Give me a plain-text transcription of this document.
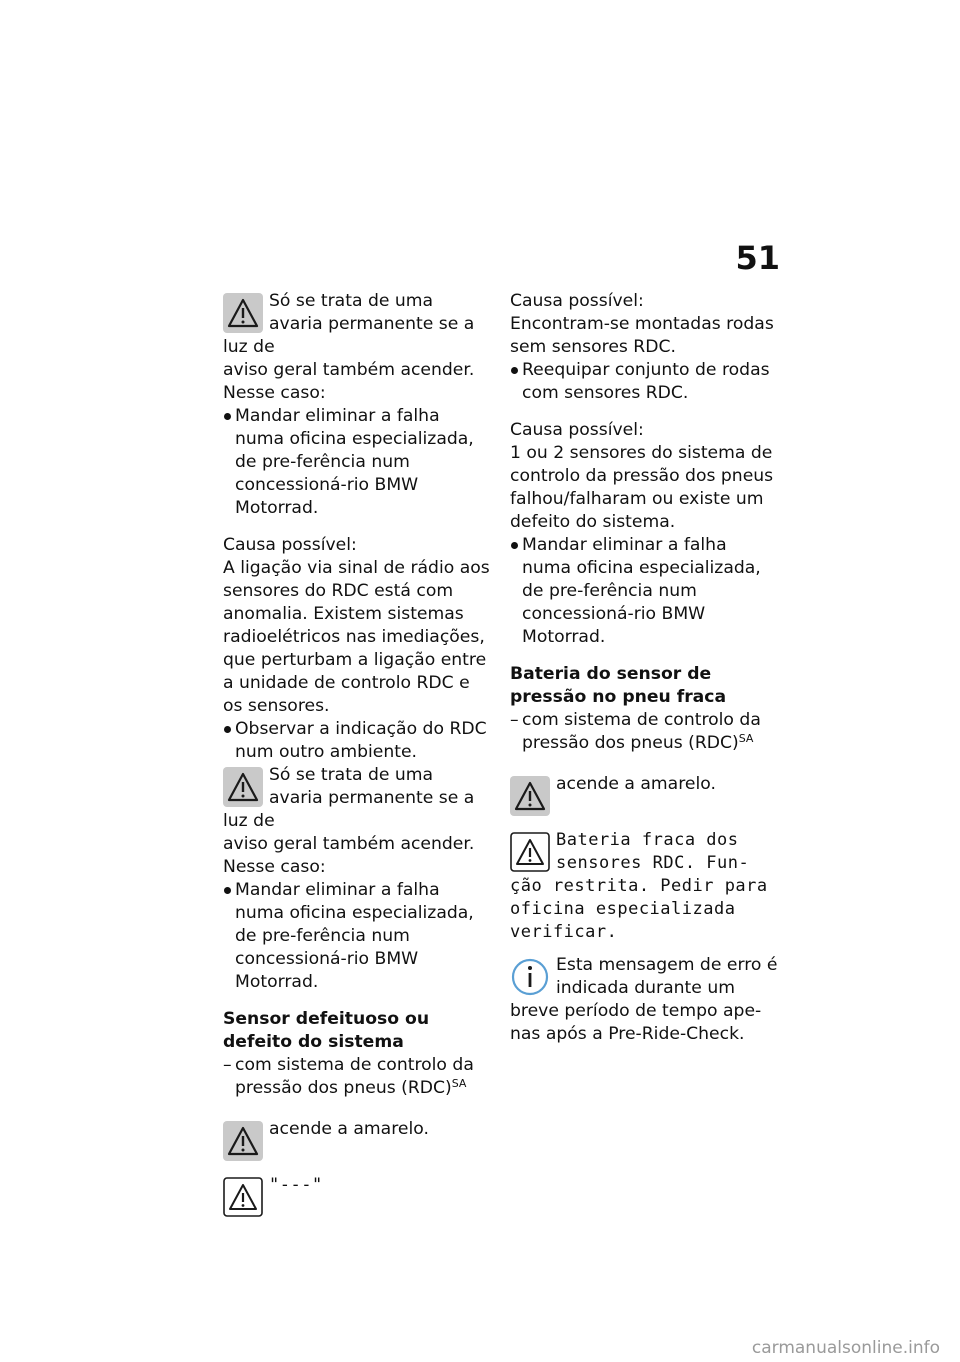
51

Só se trata de uma avaria permanente se a luz de

aviso geral também acender.

Nesse caso:

Mandar eliminar a falha numa oficina especializada, de pre-ferência num concessioná-rio BMW Motorrad.

Causa possível:

A ligação via sinal de rádio aos sensores do RDC está com anomalia. Existem sistemas radioelétricos nas imediações, que perturbam a ligação entre a unidade de controlo RDC e os sensores.

Observar a indicação do RDC num outro ambiente.

Só se trata de uma avaria permanente se a luz de

aviso geral também acender.

Nesse caso:

Mandar eliminar a falha numa oficina especializada, de pre-ferência num concessioná-rio BMW Motorrad.

Sensor defeituoso ou defeito do sistema

– com sistema de controlo da pressão dos pneus (RDC)$^{SA}$

acende a amarelo.

"---"

Causa possível:

Encontram-se montadas rodas sem sensores RDC.

Reequipar conjunto de rodas com sensores RDC.

Causa possível:

1 ou 2 sensores do sistema de controlo da pressão dos pneus falhou/falharam ou existe um defeito do sistema.

Mandar eliminar a falha numa oficina especializada, de pre-ferência num concessioná-rio BMW Motorrad.

Bateria do sensor de pressão no pneu fraca

– com sistema de controlo da pressão dos pneus (RDC)$^{SA}$

acende a amarelo.

Bateria fraca dos sensores RDC. Fun-

ção restrita. Pedir para oficina especializada verificar.

Esta mensagem de erro é indicada durante um

breve período de tempo ape-nas após a Pre-Ride-Check.

carmanualsonline.info
